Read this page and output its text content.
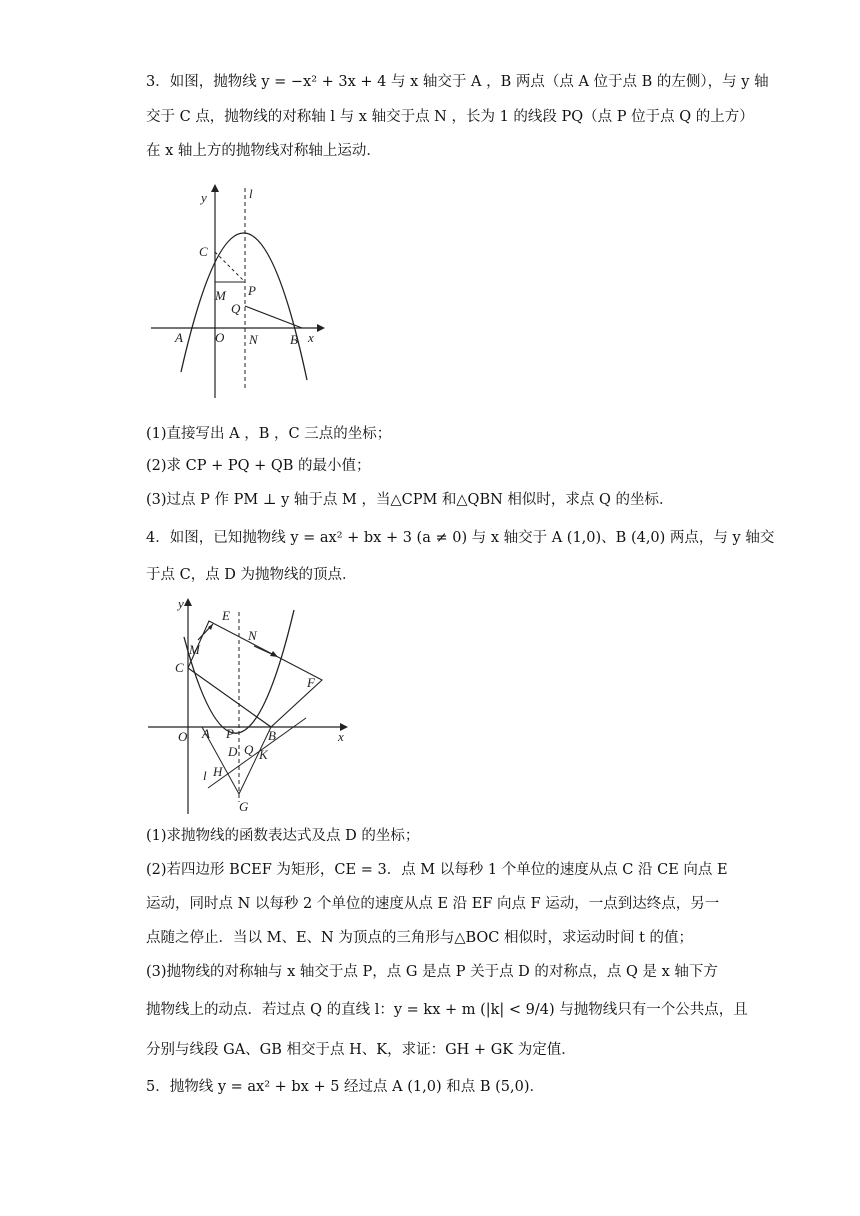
3．如图，抛物线 y = −x² + 3x + 4 与 x 轴交于 A ，B 两点（点 A 位于点 B 的左侧），与 y 轴
交于 C 点，抛物线的对称轴 l 与 x 轴交于点 N ，长为 1 的线段 PQ（点 P 位于点 Q 的上方）
在 x 轴上方的抛物线对称轴上运动．
y	l
C
P
M
Q
A O N B x
(1)直接写出 A ，B ，C 三点的坐标；
(2)求 CP + PQ + QB 的最小值；
(3)过点 P 作 PM ⊥ y 轴于点 M ，当△CPM 和△QBN 相似时，求点 Q 的坐标．
4．如图，已知抛物线 y = ax² + bx + 3 (a ≠ 0) 与 x 轴交于 A (1,0)、B (4,0) 两点，与 y 轴交
于点 C，点 D 为抛物线的顶点．
y
E
M
N
C
F
O A P	B	x
D Q K
l H
G
(1)求抛物线的函数表达式及点 D 的坐标；
(2)若四边形 BCEF 为矩形，CE = 3．点 M 以每秒 1 个单位的速度从点 C 沿 CE 向点 E
运动，同时点 N 以每秒 2 个单位的速度从点 E 沿 EF 向点 F 运动，一点到达终点，另一
点随之停止．当以 M、E、N 为顶点的三角形与△BOC 相似时，求运动时间 t 的值；
(3)抛物线的对称轴与 x 轴交于点 P，点 G 是点 P 关于点 D 的对称点，点 Q 是 x 轴下方
抛物线上的动点．若过点 Q 的直线 l：y = kx + m (|k| < 9/4) 与抛物线只有一个公共点，且
分别与线段 GA、GB 相交于点 H、K，求证：GH + GK 为定值．
5．抛物线 y = ax² + bx + 5 经过点 A (1,0) 和点 B (5,0)．
